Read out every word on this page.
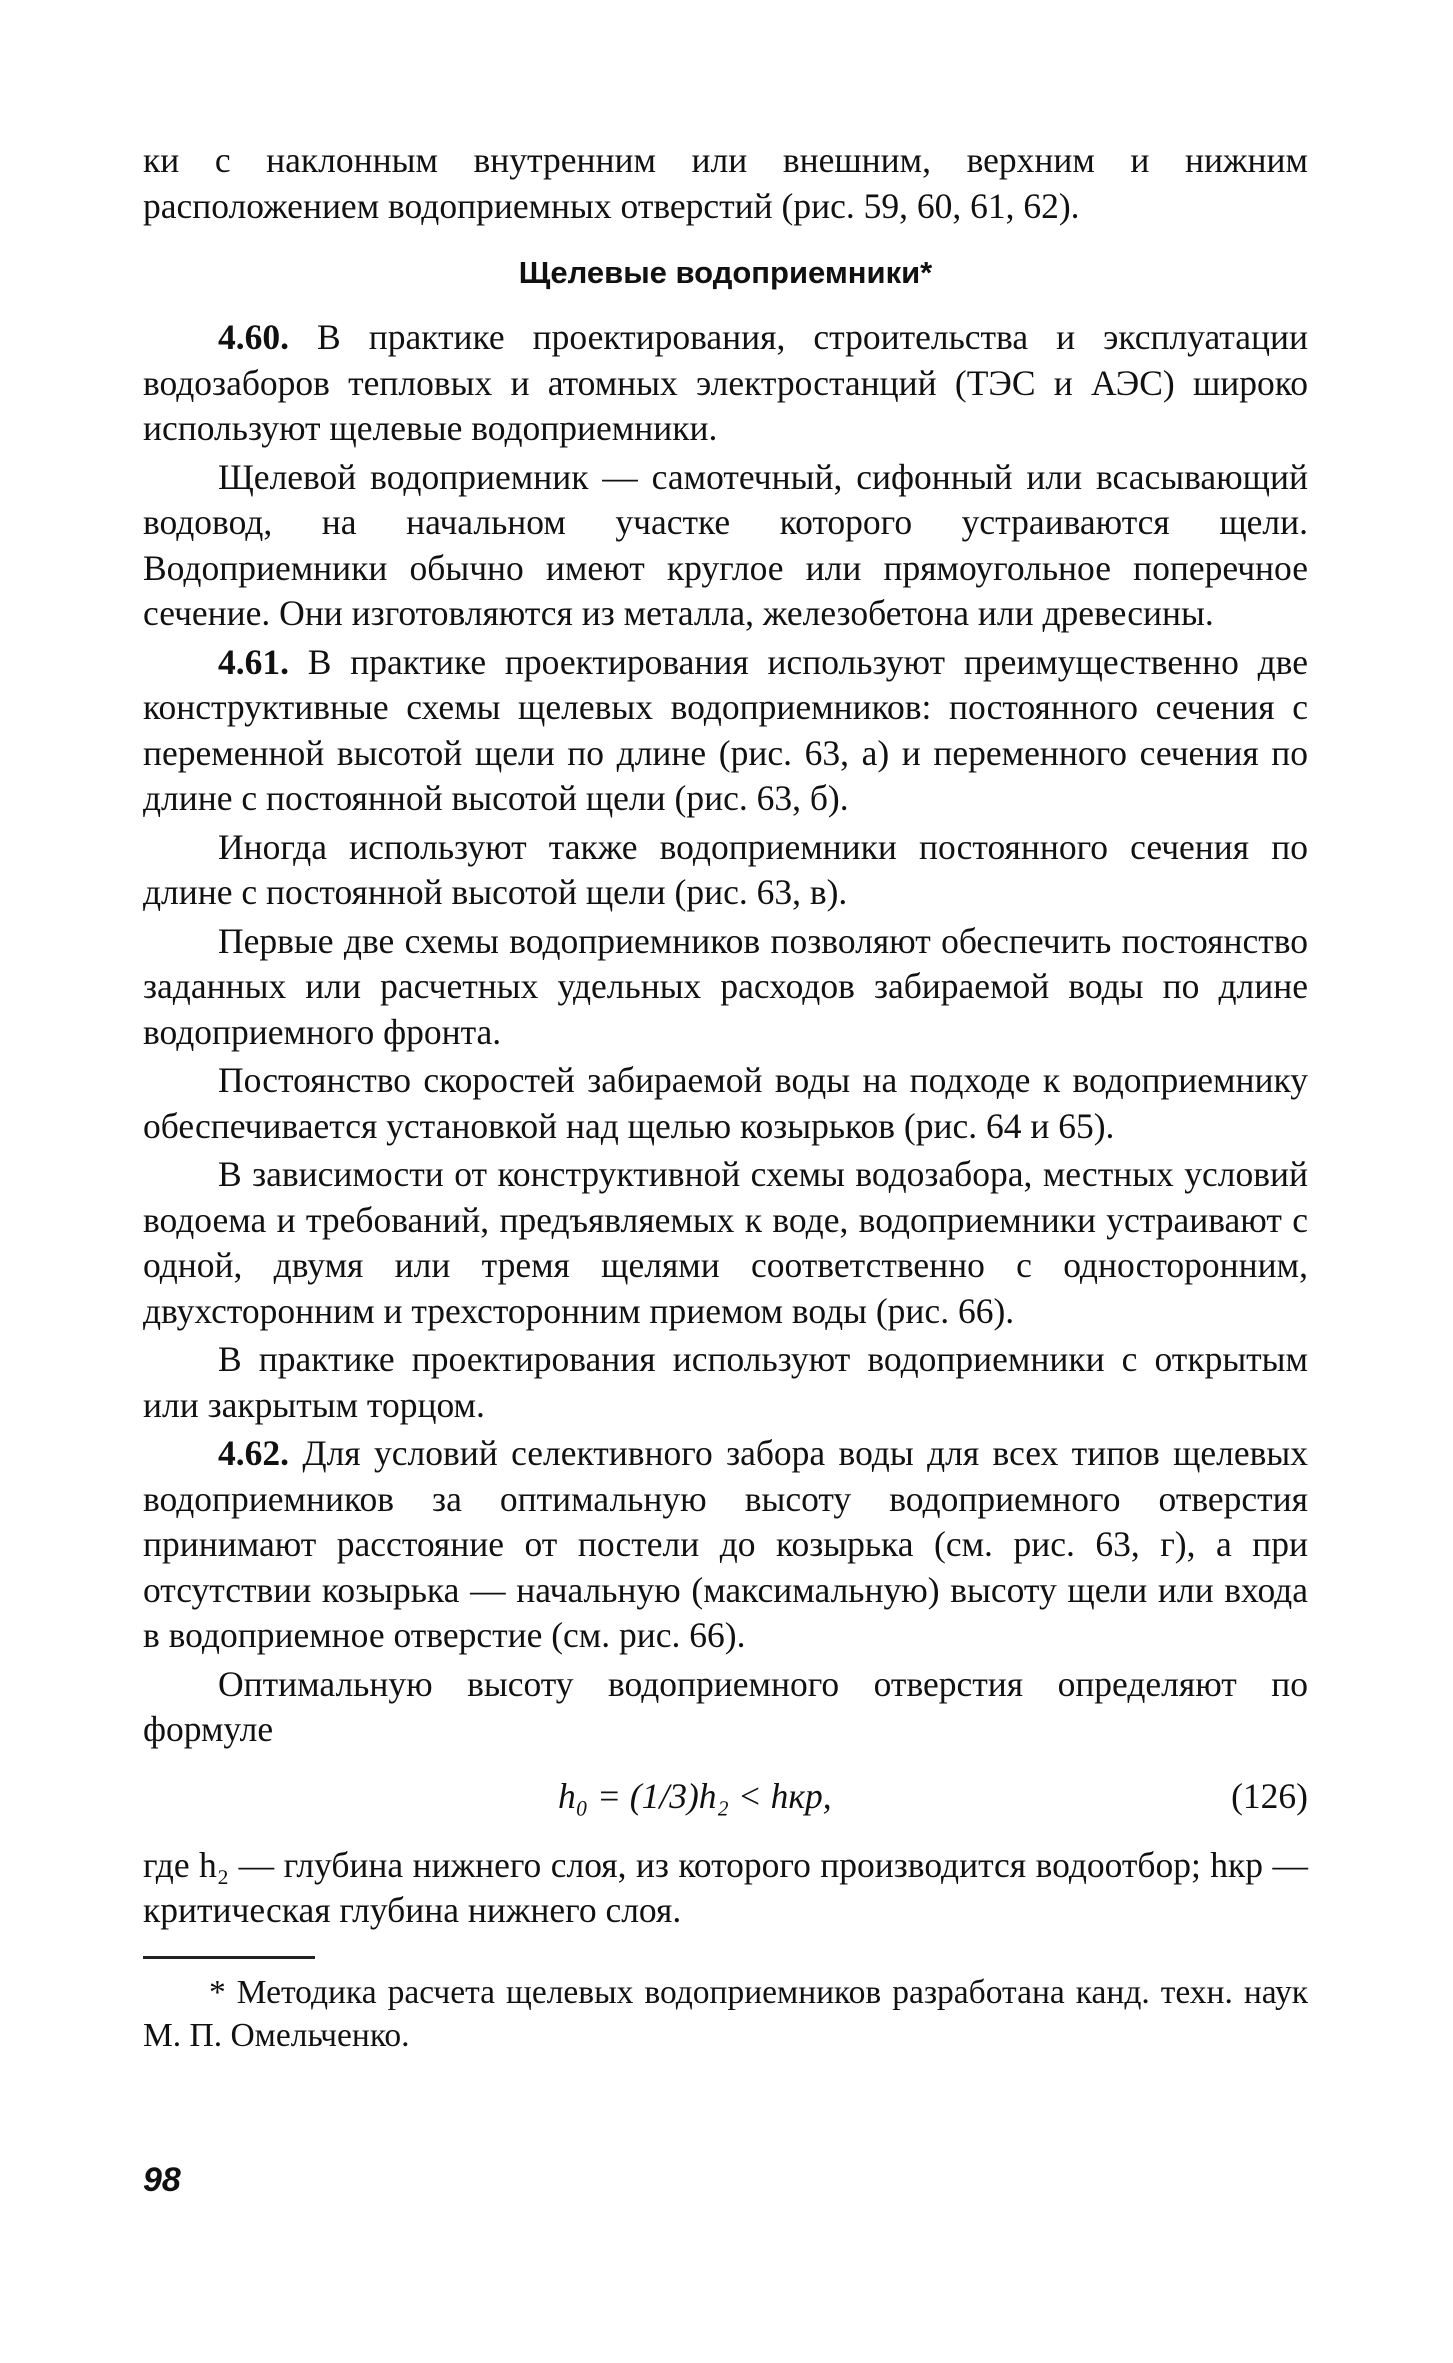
ки с наклонным внутренним или внешним, верхним и нижним расположением водоприемных отверстий (рис. 59, 60, 61, 62).

Щелевые водоприемники*

4.60. В практике проектирования, строительства и эксплуатации водозаборов тепловых и атомных электростанций (ТЭС и АЭС) широко используют щелевые водоприемники.

Щелевой водоприемник — самотечный, сифонный или всасывающий водовод, на начальном участке которого устраиваются щели. Водоприемники обычно имеют круглое или прямоугольное поперечное сечение. Они изготовляются из металла, железобетона или древесины.

4.61. В практике проектирования используют преимущественно две конструктивные схемы щелевых водоприемников: постоянного сечения с переменной высотой щели по длине (рис. 63, а) и переменного сечения по длине с постоянной высотой щели (рис. 63, б).

Иногда используют также водоприемники постоянного сечения по длине с постоянной высотой щели (рис. 63, в).

Первые две схемы водоприемников позволяют обеспечить постоянство заданных или расчетных удельных расходов забираемой воды по длине водоприемного фронта.

Постоянство скоростей забираемой воды на подходе к водоприемнику обеспечивается установкой над щелью козырьков (рис. 64 и 65).

В зависимости от конструктивной схемы водозабора, местных условий водоема и требований, предъявляемых к воде, водоприемники устраивают с одной, двумя или тремя щелями соответственно с односторонним, двухсторонним и трехсторонним приемом воды (рис. 66).

В практике проектирования используют водоприемники с открытым или закрытым торцом.

4.62. Для условий селективного забора воды для всех типов щелевых водоприемников за оптимальную высоту водоприемного отверстия принимают расстояние от постели до козырька (см. рис. 63, г), а при отсутствии козырька — начальную (максимальную) высоту щели или входа в водоприемное отверстие (см. рис. 66).

Оптимальную высоту водоприемного отверстия определяют по формуле

h₀ = (1/3)h₂ < hкр,	(126)

где h₂ — глубина нижнего слоя, из которого производится водоотбор; hкр — критическая глубина нижнего слоя.

* Методика расчета щелевых водоприемников разработана канд. техн. наук М. П. Омельченко.

98
